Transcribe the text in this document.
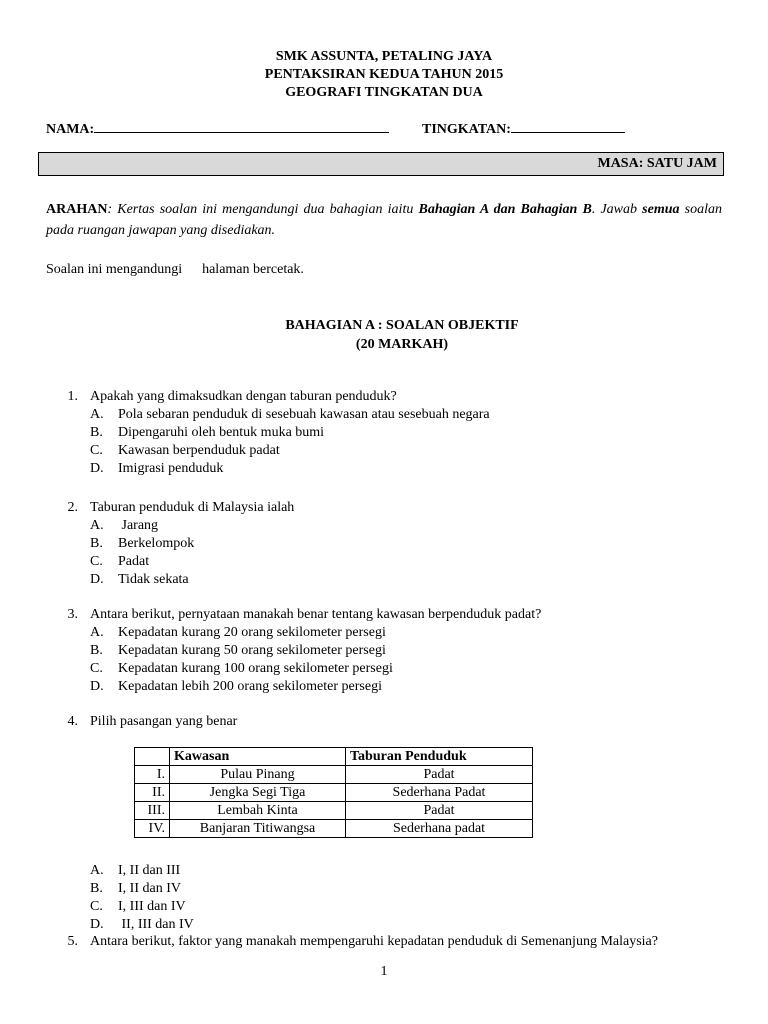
SMK ASSUNTA, PETALING JAYA
PENTAKSIRAN KEDUA TAHUN 2015
GEOGRAFI TINGKATAN DUA
NAMA:	TINGKATAN:
MASA: SATU JAM
ARAHAN: Kertas soalan ini mengandungi dua bahagian iaitu Bahagian A dan Bahagian B. Jawab semua soalan pada ruangan jawapan yang disediakan.
Soalan ini mengandungi halaman bercetak.
BAHAGIAN A : SOALAN OBJEKTIF
(20 MARKAH)
1. Apakah yang dimaksudkan dengan taburan penduduk?
A. Pola sebaran penduduk di sesebuah kawasan atau sesebuah negara
B. Dipengaruhi oleh bentuk muka bumi
C. Kawasan berpenduduk padat
D. Imigrasi penduduk
2. Taburan penduduk di Malaysia ialah
A. Jarang
B. Berkelompok
C. Padat
D. Tidak sekata
3. Antara berikut, pernyataan manakah benar tentang kawasan berpenduduk padat?
A. Kepadatan kurang 20 orang sekilometer persegi
B. Kepadatan kurang 50 orang sekilometer persegi
C. Kepadatan kurang 100 orang sekilometer persegi
D. Kepadatan lebih 200 orang sekilometer persegi
4. Pilih pasangan yang benar
	Kawasan	Taburan Penduduk
I.	Pulau Pinang	Padat
II.	Jengka Segi Tiga	Sederhana Padat
III.	Lembah Kinta	Padat
IV.	Banjaran Titiwangsa	Sederhana padat
A. I, II dan III
B. I, II dan IV
C. I, III dan IV
D. II, III dan IV
5. Antara berikut, faktor yang manakah mempengaruhi kepadatan penduduk di Semenanjung Malaysia?
1
